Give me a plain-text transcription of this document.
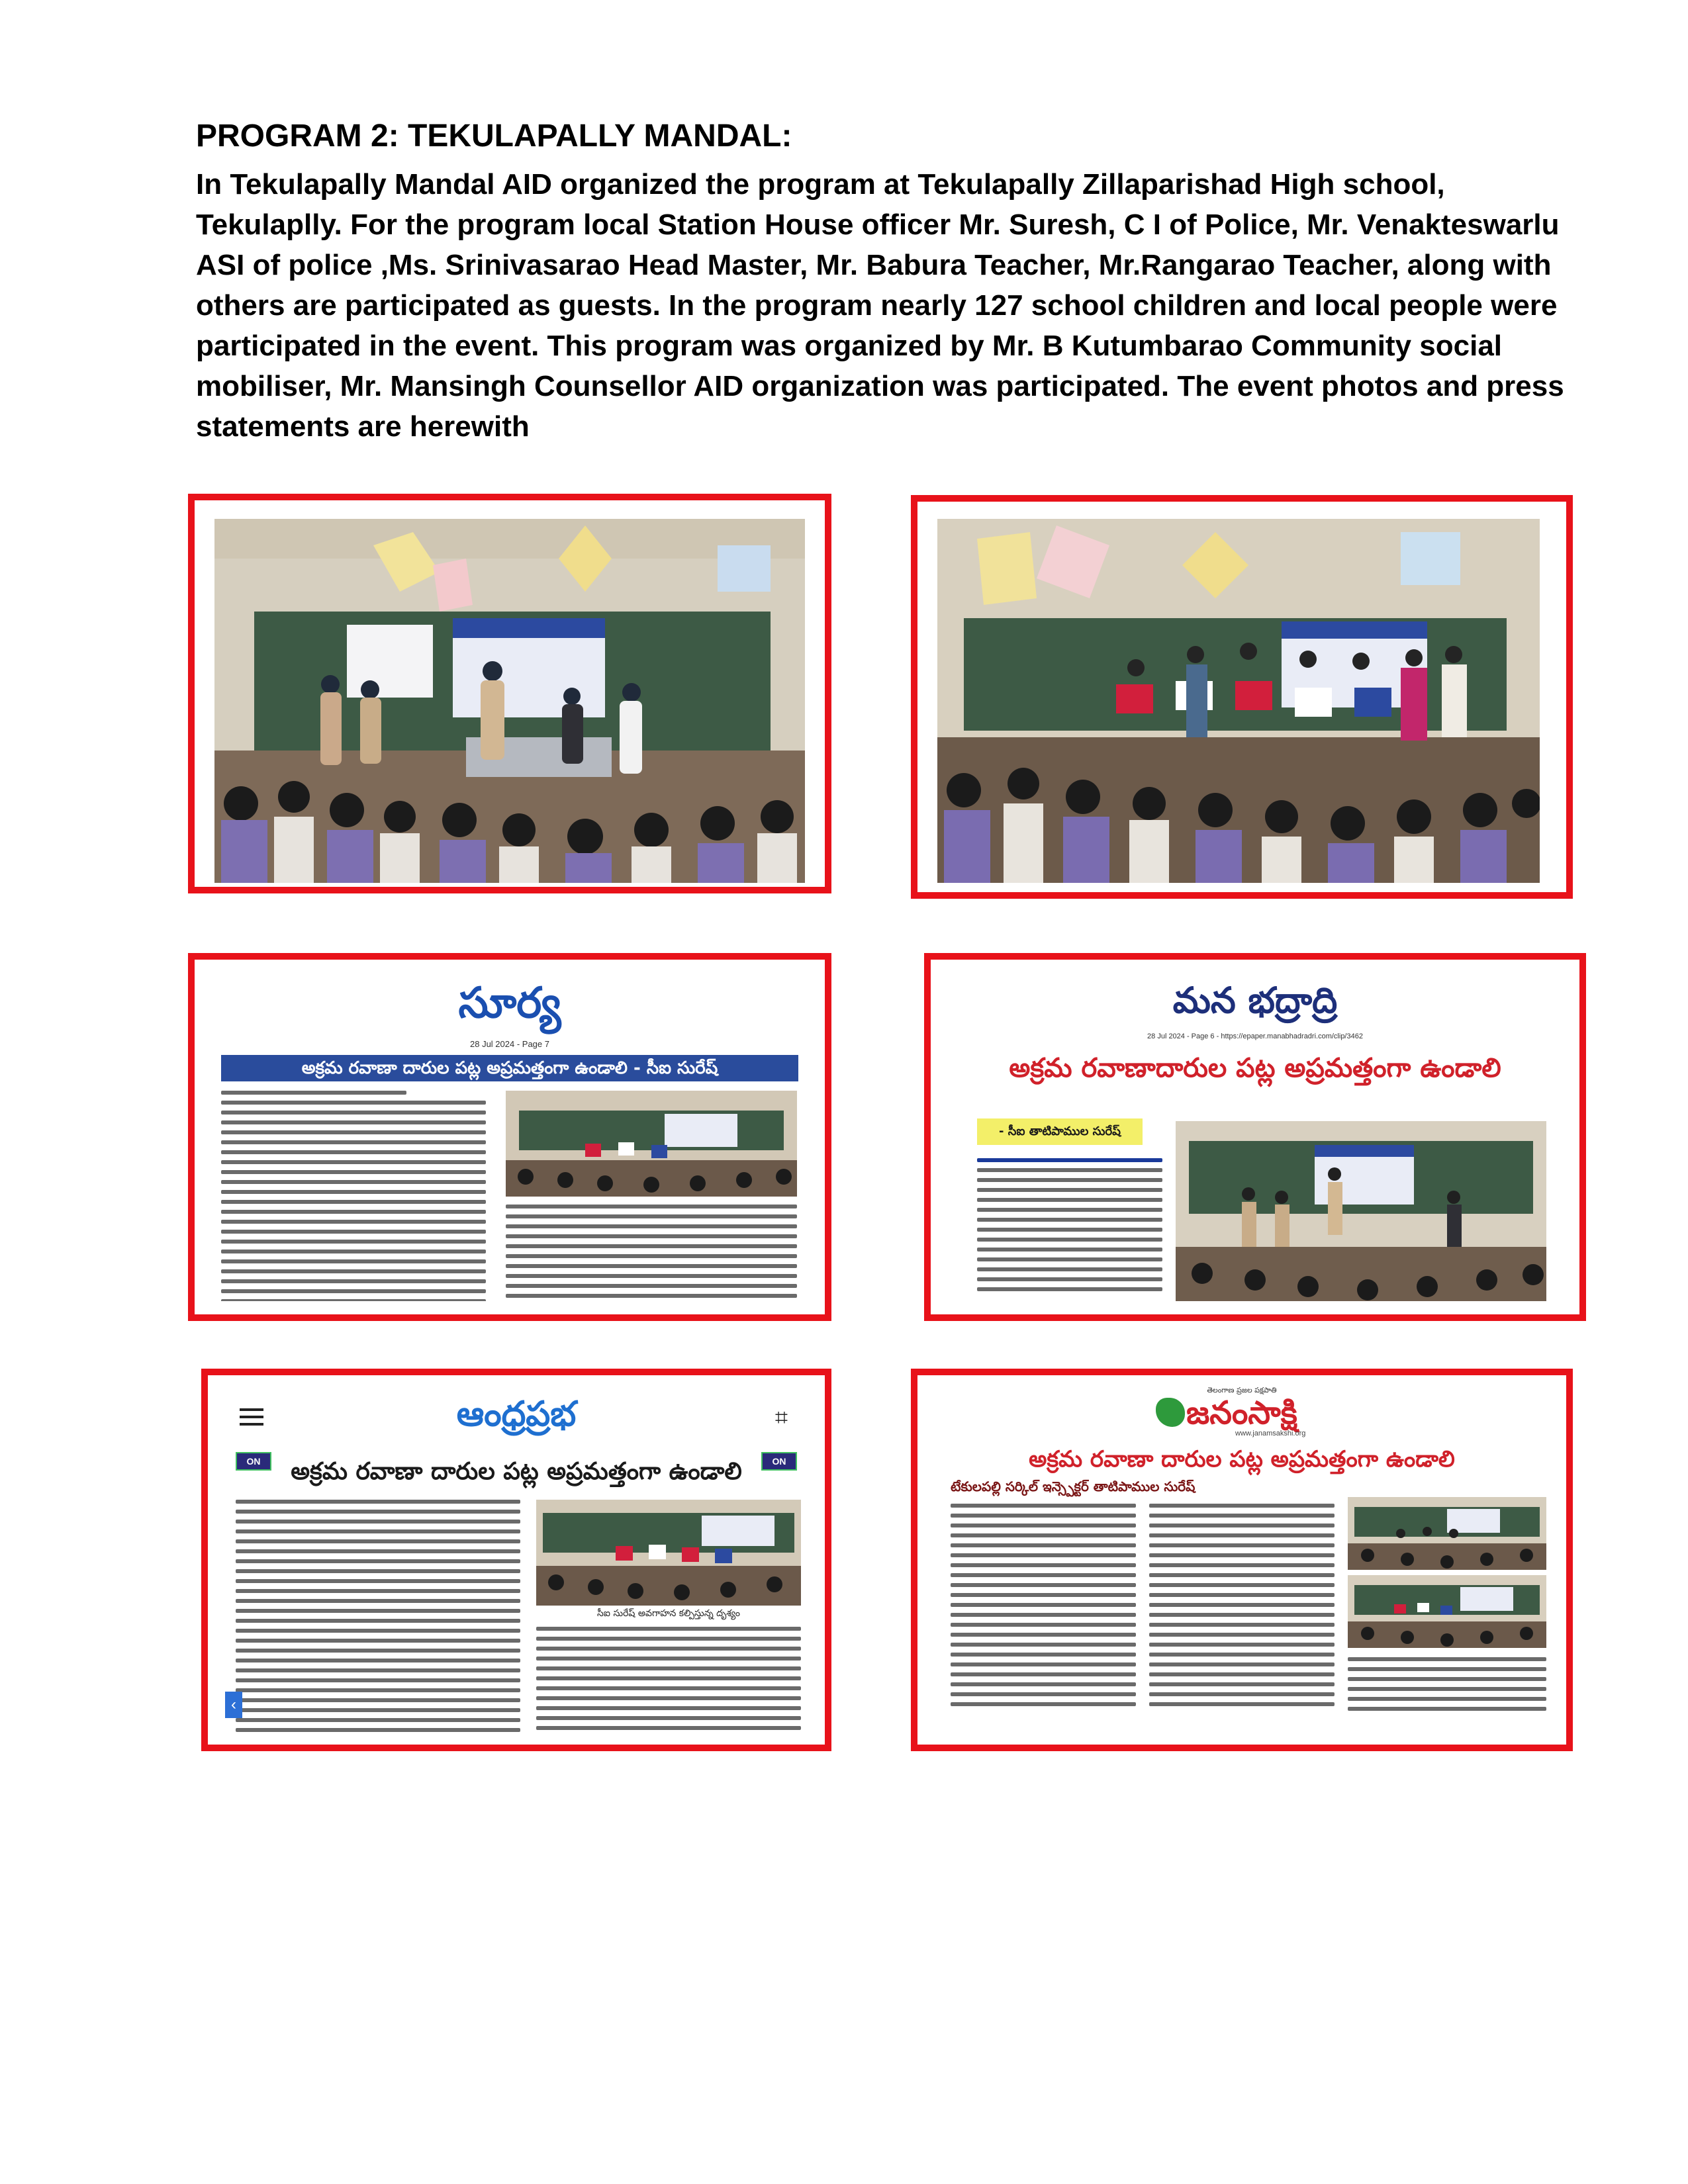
PROGRAM 2: TEKULAPALLY MANDAL:

In Tekulapally Mandal AID organized the program at Tekulapally Zillaparishad High school, Tekulaplly. For the program local Station House officer Mr. Suresh, C I of Police, Mr. Venakteswarlu ASI of police ,Ms. Srinivasarao Head Master, Mr. Babura Teacher, Mr.Rangarao Teacher, along with others are participated as guests. In the program nearly 127 school children and local people were participated in the event. This program was organized by Mr. B Kutumbarao Community social mobiliser, Mr. Mansingh Counsellor AID organization was participated. The event photos and press statements are herewith

సూర్య
28 Jul 2024 - Page 7
అక్రమ రవాణా దారుల పట్ల అప్రమత్తంగా ఉండాలి - సీఐ సురేష్
మన భద్రాద్రి
28 Jul 2024 - Page 6 - https://epaper.manabhadradri.com/clip/3462
అక్రమ రవాణాదారుల పట్ల అప్రమత్తంగా ఉండాలి
- సీఐ తాటిపాముల సురేష్
ఆంధ్రప్రభ	⌗
ON	ON
అక్రమ రవాణా దారుల పట్ల అప్రమత్తంగా ఉండాలి
‹
సీఐ సురేష్ అవగాహన కల్పిస్తున్న దృశ్యం
తెలంగాణ ప్రజల పక్షపాతి
జనంసాక్షి
www.janamsakshi.org
అక్రమ రవాణా దారుల పట్ల అప్రమత్తంగా ఉండాలి
టేకులపల్లి సర్కిల్ ఇన్స్పెక్టర్ తాటిపాముల సురేష్
